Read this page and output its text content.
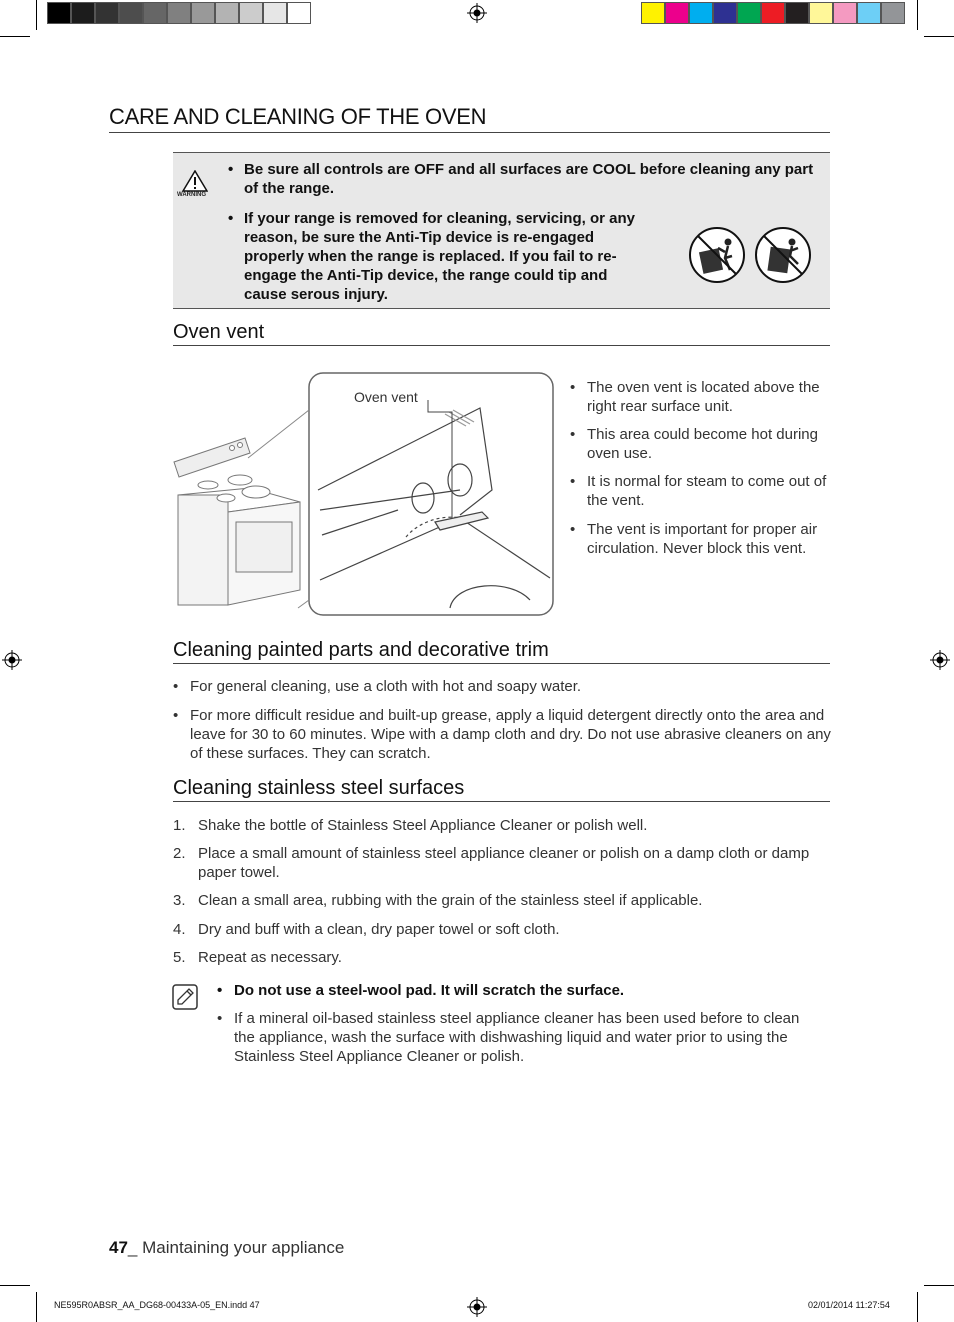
CARE AND CLEANING OF THE OVEN
WARNING
• Be sure all controls are OFF and all surfaces are COOL before cleaning any part of the range.
• If your range is removed for cleaning, servicing, or any reason, be sure the Anti-Tip device is re-engaged properly when the range is replaced. If you fail to re-engage the Anti-Tip device, the range could tip and cause serous injury.
Oven vent
Oven vent
• The oven vent is located above the right rear surface unit.
• This area could become hot during oven use.
• It is normal for steam to come out of the vent.
• The vent is important for proper air circulation. Never block this vent.
Cleaning painted parts and decorative trim
• For general cleaning, use a cloth with hot and soapy water.
• For more difficult residue and built-up grease, apply a liquid detergent directly onto the area and leave for 30 to 60 minutes. Wipe with a damp cloth and dry. Do not use abrasive cleaners on any of these surfaces. They can scratch.
Cleaning stainless steel surfaces
1. Shake the bottle of Stainless Steel Appliance Cleaner or polish well.
2. Place a small amount of stainless steel appliance cleaner or polish on a damp cloth or damp paper towel.
3. Clean a small area, rubbing with the grain of the stainless steel if applicable.
4. Dry and buff with a clean, dry paper towel or soft cloth.
5. Repeat as necessary.
• Do not use a steel-wool pad. It will scratch the surface.
• If a mineral oil-based stainless steel appliance cleaner has been used before to clean the appliance, wash the surface with dishwashing liquid and water prior to using the Stainless Steel Appliance Cleaner or polish.
47_ Maintaining your appliance
NE595R0ABSR_AA_DG68-00433A-05_EN.indd 47	02/01/2014 11:27:54
